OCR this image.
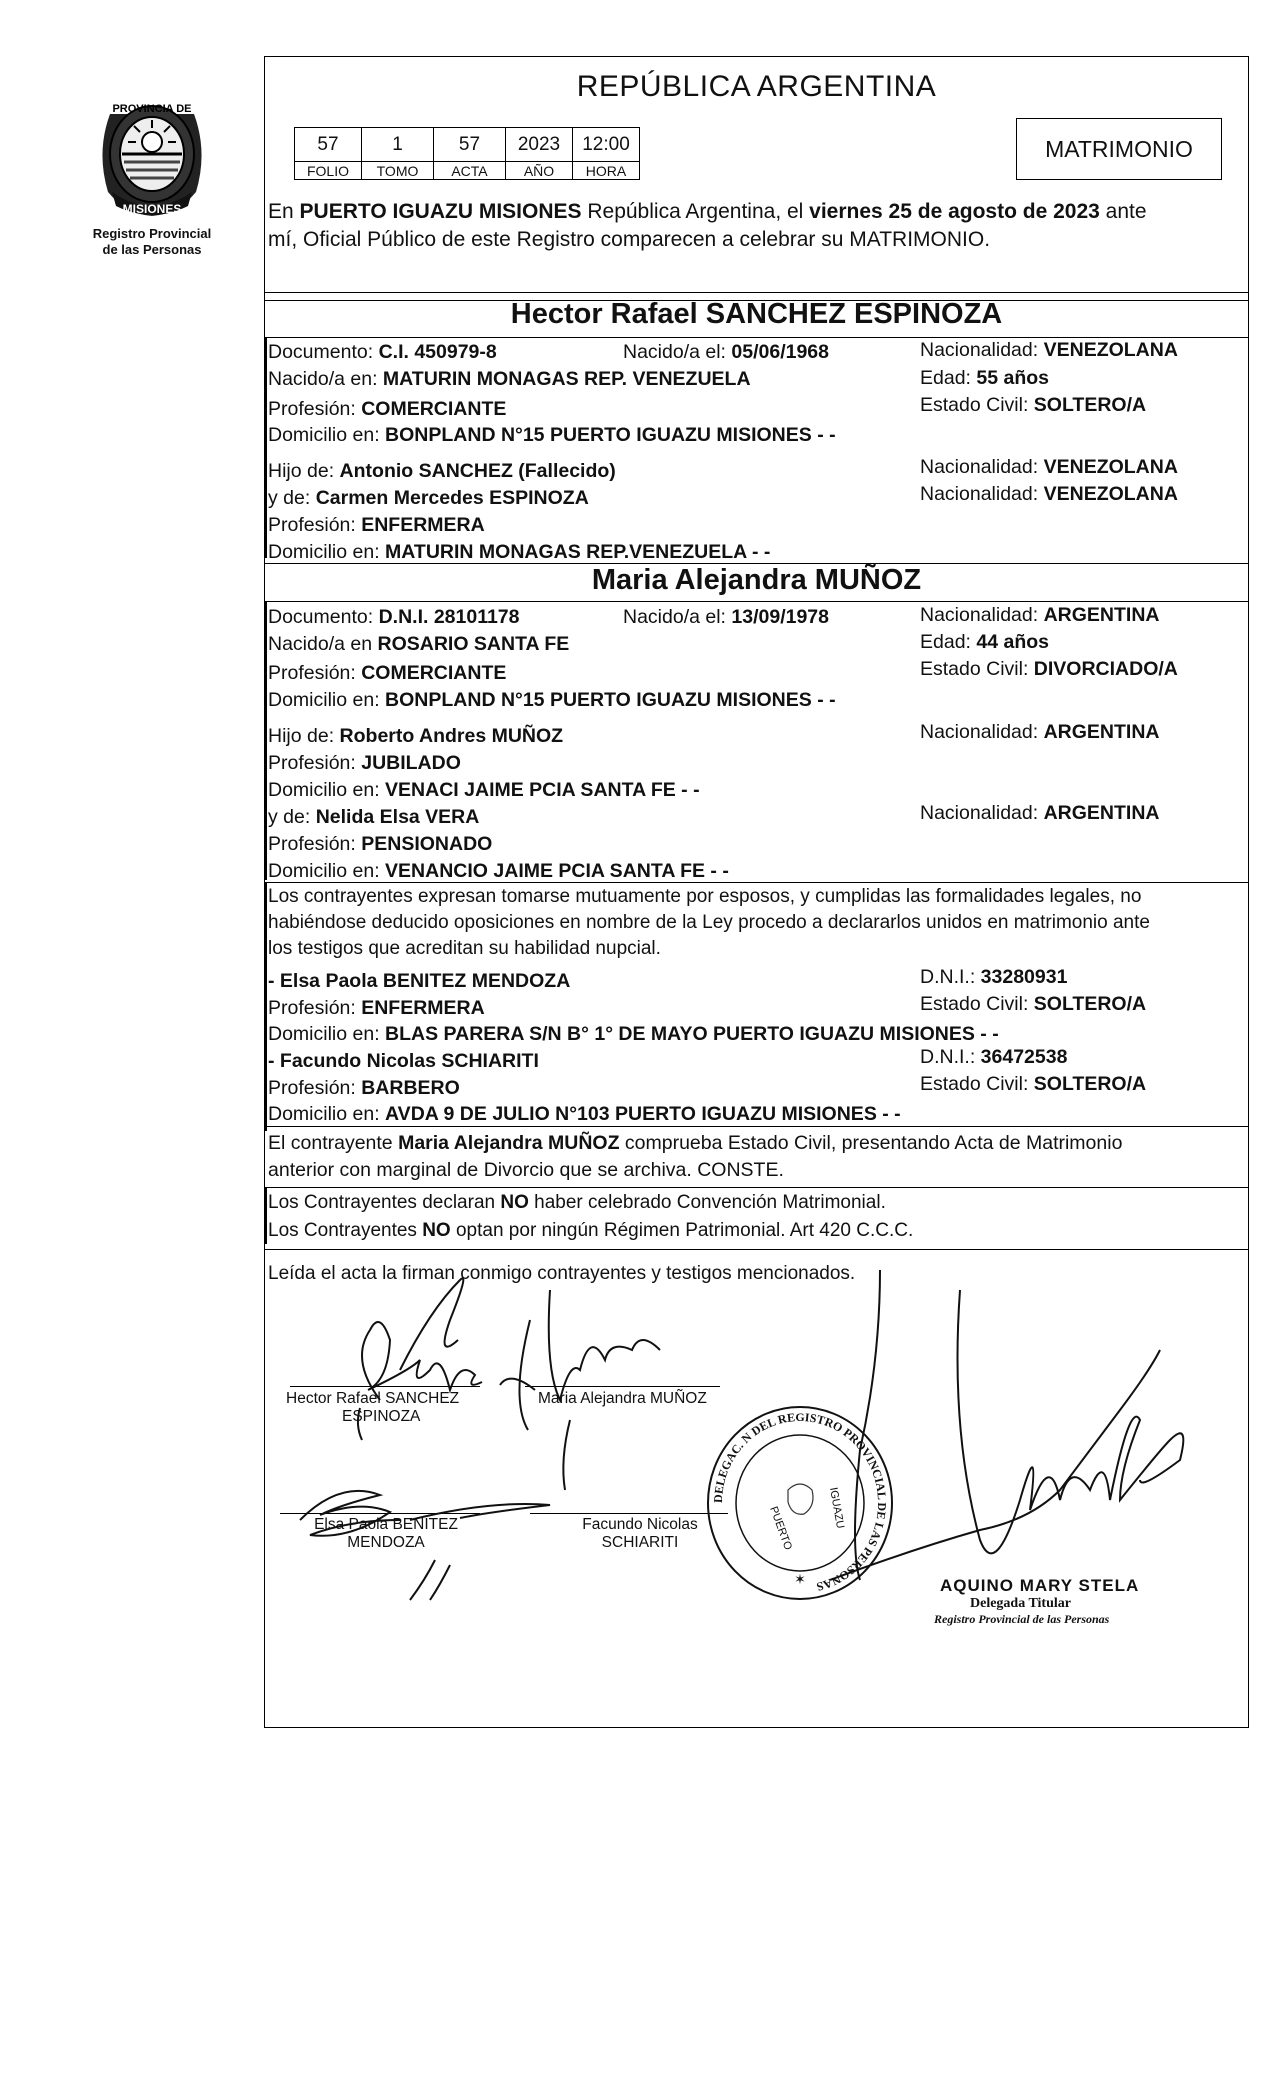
PROVINCIA DE
MISIONES
Registro Provincial
de las Personas
REPÚBLICA ARGENTINA
57	1	57	2023	12:00
FOLIO	TOMO	ACTA	AÑO	HORA
MATRIMONIO
En PUERTO IGUAZU MISIONES República Argentina, el viernes 25 de agosto de 2023 ante
mí, Oficial Público de este Registro comparecen a celebrar su MATRIMONIO.
Hector Rafael SANCHEZ ESPINOZA
Documento: C.I. 450979-8	Nacido/a el: 05/06/1968	Nacionalidad: VENEZOLANA
Nacido/a en: MATURIN MONAGAS REP. VENEZUELA	Edad: 55 años
Profesión: COMERCIANTE	Estado Civil: SOLTERO/A
Domicilio en: BONPLAND N°15 PUERTO IGUAZU MISIONES - -
Hijo de: Antonio SANCHEZ (Fallecido)	Nacionalidad: VENEZOLANA
y de: Carmen Mercedes ESPINOZA	Nacionalidad: VENEZOLANA
Profesión: ENFERMERA
Domicilio en: MATURIN MONAGAS REP.VENEZUELA - -
Maria Alejandra MUÑOZ
Documento: D.N.I. 28101178	Nacido/a el: 13/09/1978	Nacionalidad: ARGENTINA
Nacido/a en ROSARIO SANTA FE	Edad: 44 años
Profesión: COMERCIANTE	Estado Civil: DIVORCIADO/A
Domicilio en: BONPLAND N°15 PUERTO IGUAZU MISIONES - -
Hijo de: Roberto Andres MUÑOZ	Nacionalidad: ARGENTINA
Profesión: JUBILADO
Domicilio en: VENACI JAIME PCIA SANTA FE - -
y de: Nelida Elsa VERA	Nacionalidad: ARGENTINA
Profesión: PENSIONADO
Domicilio en: VENANCIO JAIME PCIA SANTA FE - -
Los contrayentes expresan tomarse mutuamente por esposos, y cumplidas las formalidades legales, no
habiéndose deducido oposiciones en nombre de la Ley procedo a declararlos unidos en matrimonio ante
los testigos que acreditan su habilidad nupcial.
- Elsa Paola BENITEZ MENDOZA	D.N.I.: 33280931
Profesión: ENFERMERA	Estado Civil: SOLTERO/A
Domicilio en: BLAS PARERA S/N B° 1° DE MAYO PUERTO IGUAZU MISIONES - -
- Facundo Nicolas SCHIARITI	D.N.I.: 36472538
Profesión: BARBERO	Estado Civil: SOLTERO/A
Domicilio en: AVDA 9 DE JULIO N°103 PUERTO IGUAZU MISIONES - -
El contrayente Maria Alejandra MUÑOZ comprueba Estado Civil, presentando Acta de Matrimonio
anterior con marginal de Divorcio que se archiva. CONSTE.
Los Contrayentes declaran NO haber celebrado Convención Matrimonial.
Los Contrayentes NO optan por ningún Régimen Patrimonial. Art 420 C.C.C.
Leída el acta la firman conmigo contrayentes y testigos mencionados.
Hector Rafael SANCHEZ
ESPINOZA
Maria Alejandra MUÑOZ
Elsa Paola BENITEZ
MENDOZA
Facundo Nicolas
SCHIARITI
DELEGAC. N DEL REGISTRO PROVINCIAL DE LAS PERSONAS
PUERTO	IGUAZU
✶	AQUINO MARY STELA
Delegada Titular
Registro Provincial de las Personas
